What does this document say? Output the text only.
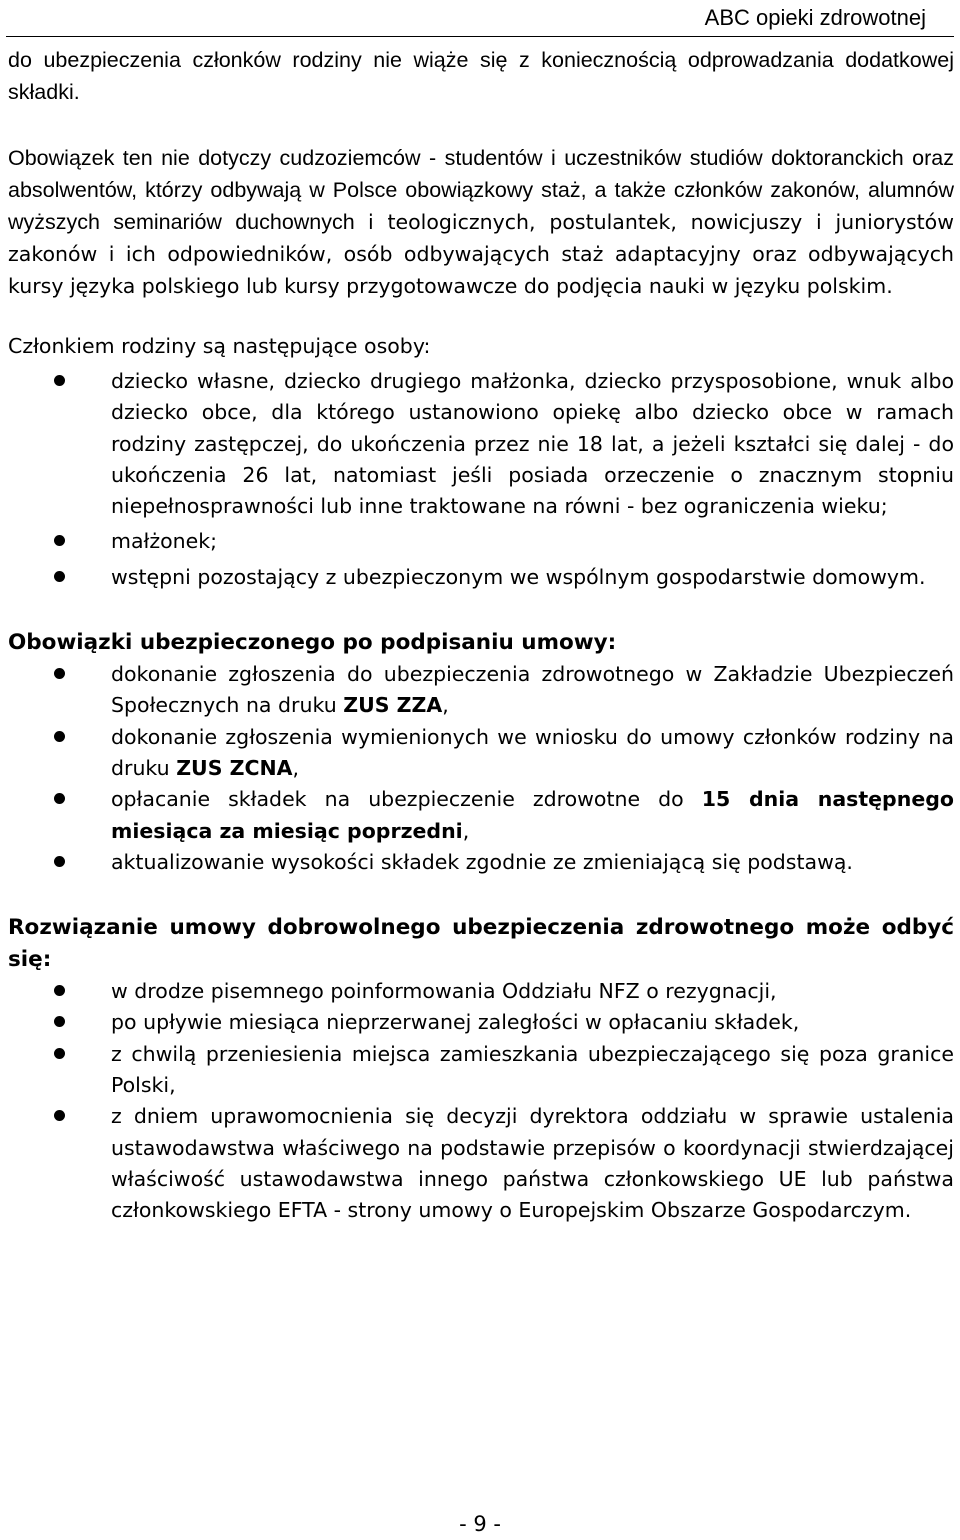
ABC opieki zdrowotnej

do ubezpieczenia członków rodziny nie wiąże się z koniecznością odprowadzania dodatkowej składki.

Obowiązek ten nie dotyczy cudzoziemców - studentów i uczestników studiów doktoranckich oraz absolwentów, którzy odbywają w Polsce obowiązkowy staż, a także członków zakonów, alumnów wyższych seminariów duchownych i teologicznych, postulantek, nowicjuszy i juniorystów zakonów i ich odpowiedników, osób odbywających staż adaptacyjny oraz odbywających kursy języka polskiego lub kursy przygotowawcze do podjęcia nauki w języku polskim.

Członkiem rodziny są następujące osoby:

dziecko własne, dziecko drugiego małżonka, dziecko przysposobione, wnuk albo dziecko obce, dla którego ustanowiono opiekę albo dziecko obce w ramach rodziny zastępczej, do ukończenia przez nie 18 lat, a jeżeli kształci się dalej - do ukończenia 26 lat, natomiast jeśli posiada orzeczenie o znacznym stopniu niepełnosprawności lub inne traktowane na równi - bez ograniczenia wieku;
małżonek;
wstępni pozostający z ubezpieczonym we wspólnym gospodarstwie domowym.
Obowiązki ubezpieczonego po podpisaniu umowy:
dokonanie zgłoszenia do ubezpieczenia zdrowotnego w Zakładzie Ubezpieczeń Społecznych na druku ZUS ZZA,
dokonanie zgłoszenia wymienionych we wniosku do umowy członków rodziny na druku ZUS ZCNA,
opłacanie składek na ubezpieczenie zdrowotne do 15 dnia następnego miesiąca za miesiąc poprzedni,
aktualizowanie wysokości składek zgodnie ze zmieniającą się podstawą.
Rozwiązanie umowy dobrowolnego ubezpieczenia zdrowotnego może odbyć się:
w drodze pisemnego poinformowania Oddziału NFZ o rezygnacji,
po upływie miesiąca nieprzerwanej zaległości w opłacaniu składek,
z chwilą przeniesienia miejsca zamieszkania ubezpieczającego się poza granice Polski,
z dniem uprawomocnienia się decyzji dyrektora oddziału w sprawie ustalenia ustawodawstwa właściwego na podstawie przepisów o koordynacji stwierdzającej właściwość ustawodawstwa innego państwa członkowskiego UE lub państwa członkowskiego EFTA - strony umowy o Europejskim Obszarze Gospodarczym.
- 9 -
